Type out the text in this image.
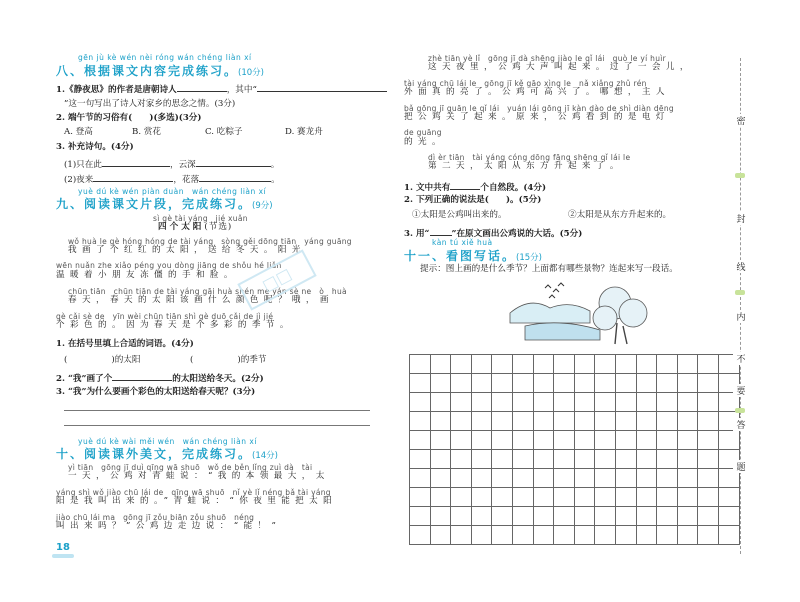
gēn jù kè wén nèi róng wán chéng liàn xí
八、根据课文内容完成练习。(10分)
1.《静夜思》的作者是唐朝诗人	，其中“
”这一句写出了诗人对家乡的思念之情。(3分)
2. 端午节的习俗有(　　)(多选)(3分)
A. 登高	B. 赏花	C. 吃粽子	D. 赛龙舟
3. 补充诗句。(4分)
(1)只在此	，云深	。
(2)夜来	，花落	。
yuè dú kè wén piàn duàn　wán chéng liàn xí
九、阅读课文片段，完成练习。(9分)
sì gè tài yáng　jié xuǎn
四个太阳(节选)
wǒ huà le gè hóng hóng de tài yáng　sòng gěi dōng tiān　yáng guāng
我画了个红红的太阳，送给冬天。阳光
wēn nuǎn zhe xiǎo péng you dòng jiāng de shǒu hé liǎn
温暖着小朋友冻僵的手和脸。
chūn tiān　chūn tiān de tài yáng gāi huà shén me yán sè ne　ò　huà
春天，春天的太阳该画什么颜色呢？哦，画
gè cǎi sè de　yīn wèi chūn tiān shì gè duō cǎi de jì jié
个彩色的。因为春天是个多彩的季节。
1. 在括号里填上合适的词语。(4分)
(	)的太阳	(	)的季节
2. “我”画了个	的太阳送给冬天。(2分)
3. “我”为什么要画个彩色的太阳送给春天呢？(3分)
□□
yuè dú kè wài měi wén　wán chéng liàn xí
十、阅读课外美文，完成练习。(14分)
yì tiān　gōng jī duì qīng wā shuō　wǒ de běn lǐng zuì dà　tài
一天，公鸡对青蛙说：“我的本领最大，太
yáng shì wǒ jiào chū lái de　qīng wā shuō　nǐ yè lǐ néng bǎ tài yáng
阳是我叫出来的。”青蛙说：“你夜里能把太阳
jiào chū lái ma　gōng jī zǒu biān zǒu shuō　néng
叫出来吗？”公鸡边走边说：“能！”
18
zhè tiān yè lǐ　gōng jī dà shēng jiào le qǐ lái　guò le yí huìr
这天夜里，公鸡大声叫起来。过了一会儿，
tài yáng chū lái le　gōng jī kě gāo xìng le　nǎ xiǎng zhǔ rén
外面真的亮了。公鸡可高兴了。哪想，主人
bǎ gōng jī guān le qǐ lái　yuán lái gōng jī kàn dào de shì diàn dēng
把公鸡关了起来。原来，公鸡看到的是电灯
de guāng
的光。
dì èr tiān　tài yáng cóng dōng fāng shēng qǐ lái le
第二天，太阳从东方升起来了。
1. 文中共有	个自然段。(4分)
2. 下列正确的说法是(　　)。(5分)
①太阳是公鸡叫出来的。	②太阳是从东方升起来的。
3. 用“	”在原文画出公鸡说的大话。(5分)
kàn tú xiě huà
十一、看图写话。(15分)
提示：图上画的是什么季节？上面都有哪些景物？连起来写一段话。

密
封
线
内
不
要
答
题
